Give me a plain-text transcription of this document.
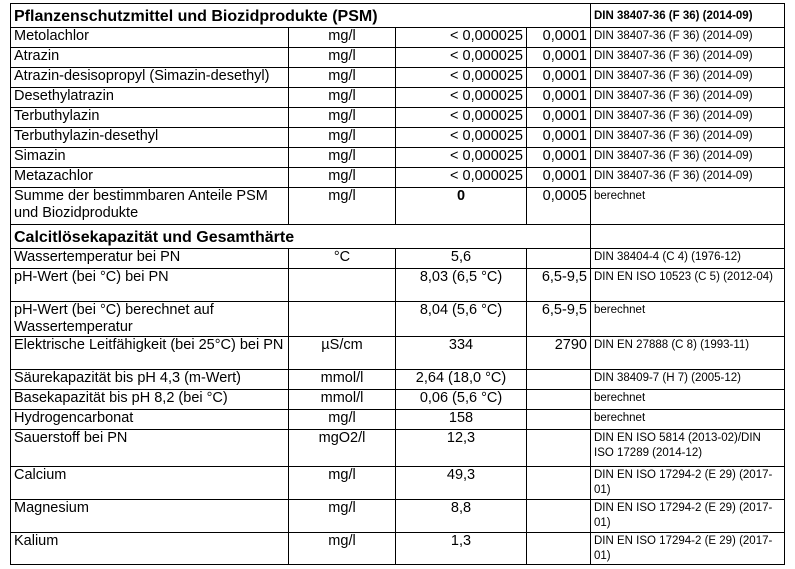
Pflanzenschutzmittel und Biozidprodukte (PSM)				DIN 38407-36 (F 36) (2014-09)
Metolachlor	mg/l	< 0,000025	0,0001	DIN 38407-36 (F 36) (2014-09)
Atrazin	mg/l	< 0,000025	0,0001	DIN 38407-36 (F 36) (2014-09)
Atrazin-desisopropyl (Simazin-desethyl)	mg/l	< 0,000025	0,0001	DIN 38407-36 (F 36) (2014-09)
Desethylatrazin	mg/l	< 0,000025	0,0001	DIN 38407-36 (F 36) (2014-09)
Terbuthylazin	mg/l	< 0,000025	0,0001	DIN 38407-36 (F 36) (2014-09)
Terbuthylazin-desethyl	mg/l	< 0,000025	0,0001	DIN 38407-36 (F 36) (2014-09)
Simazin	mg/l	< 0,000025	0,0001	DIN 38407-36 (F 36) (2014-09)
Metazachlor	mg/l	< 0,000025	0,0001	DIN 38407-36 (F 36) (2014-09)
Summe der bestimmbaren Anteile PSM und Biozidprodukte	mg/l	0	0,0005	berechnet
Calcitlösekapazität und Gesamthärte				
Wassertemperatur bei PN	°C	5,6		DIN 38404-4 (C 4) (1976-12)
pH-Wert (bei °C) bei PN		8,03 (6,5 °C)	6,5-9,5	DIN EN ISO 10523 (C 5) (2012-04)
pH-Wert (bei °C) berechnet auf Wassertemperatur		8,04 (5,6 °C)	6,5-9,5	berechnet
Elektrische Leitfähigkeit (bei 25°C) bei PN	µS/cm	334	2790	DIN EN 27888 (C 8) (1993-11)
Säurekapazität bis pH 4,3 (m-Wert)	mmol/l	2,64 (18,0 °C)		DIN 38409-7 (H 7) (2005-12)
Basekapazität bis pH 8,2 (bei °C)	mmol/l	0,06 (5,6 °C)		berechnet
Hydrogencarbonat	mg/l	158		berechnet
Sauerstoff bei PN	mgO2/l	12,3		DIN EN ISO 5814 (2013-02)/DIN ISO 17289 (2014-12)
Calcium	mg/l	49,3		DIN EN ISO 17294-2 (E 29) (2017-01)
Magnesium	mg/l	8,8		DIN EN ISO 17294-2 (E 29) (2017-01)
Kalium	mg/l	1,3		DIN EN ISO 17294-2 (E 29) (2017-01)
